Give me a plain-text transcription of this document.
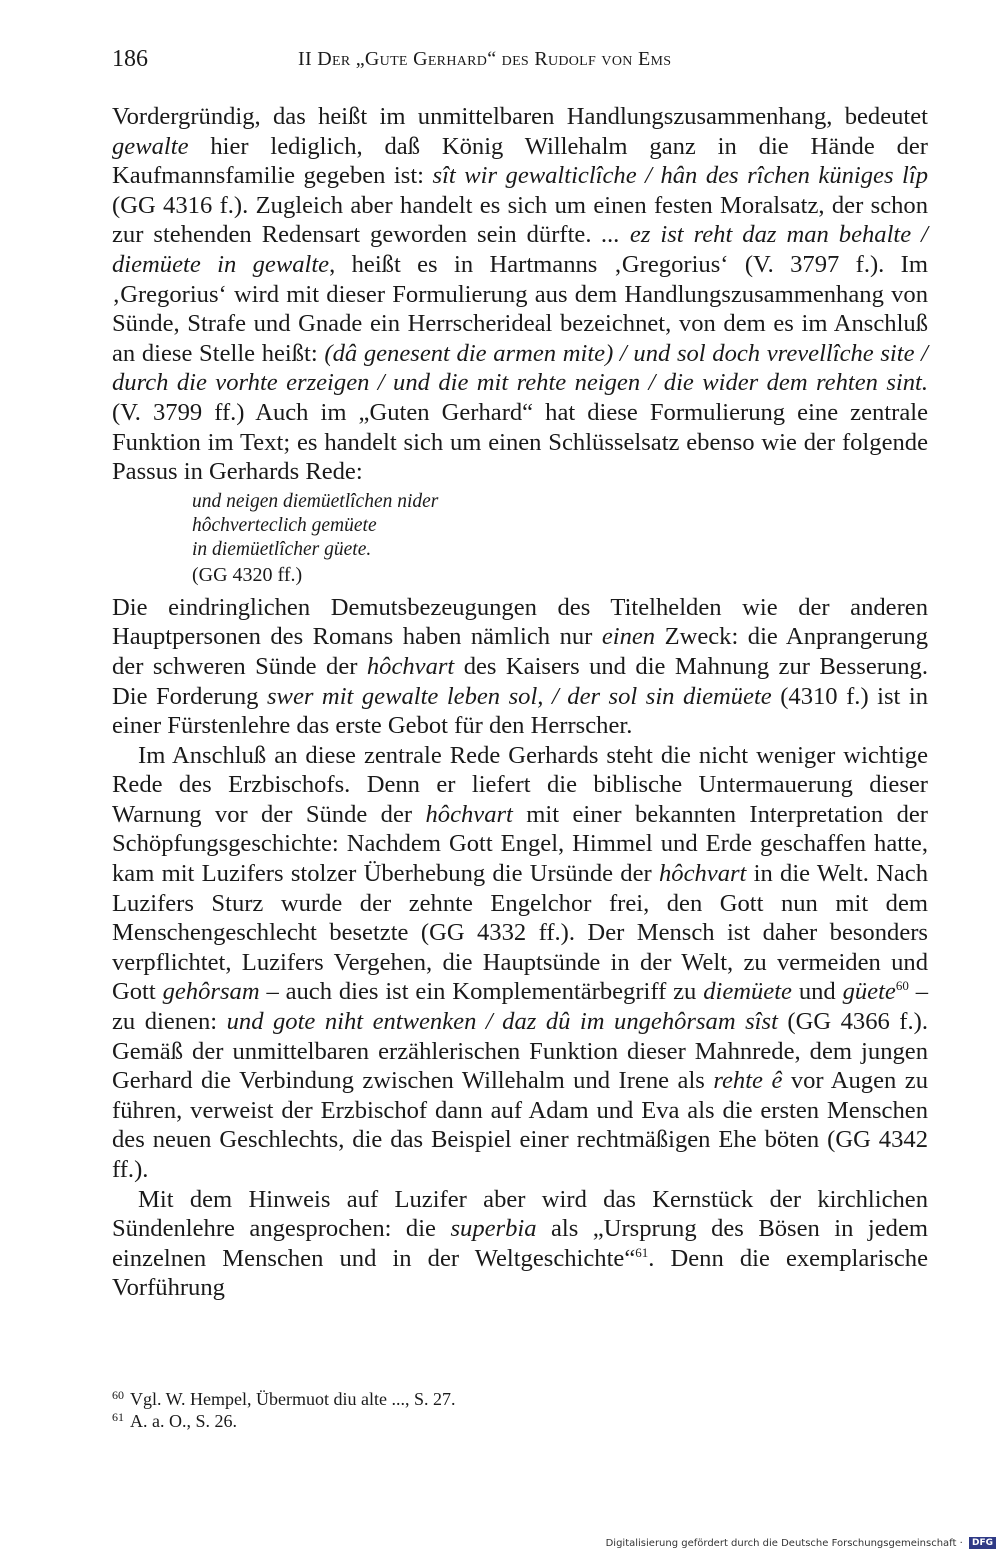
186	II Der „Gute Gerhard“ des Rudolf von Ems

Vordergründig, das heißt im unmittelbaren Handlungszusammenhang, bedeutet gewalte hier lediglich, daß König Willehalm ganz in die Hände der Kaufmannsfamilie gegeben ist: sît wir gewalticlîche / hân des rîchen küniges lîp (GG 4316 f.). Zugleich aber handelt es sich um einen festen Moralsatz, der schon zur stehenden Redensart geworden sein dürfte. ... ez ist reht daz man behalte / diemüete in gewalte, heißt es in Hartmanns ‚Gregorius‘ (V. 3797 f.). Im ‚Gregorius‘ wird mit dieser Formulierung aus dem Handlungszusammenhang von Sünde, Strafe und Gnade ein Herrscherideal bezeichnet, von dem es im Anschluß an diese Stelle heißt: (dâ genesent die armen mite) / und sol doch vrevellîche site / durch die vorhte erzeigen / und die mit rehte neigen / die wider dem rehten sint. (V. 3799 ff.) Auch im „Guten Gerhard“ hat diese Formulierung eine zentrale Funktion im Text; es handelt sich um einen Schlüsselsatz ebenso wie der folgende Passus in Gerhards Rede:

und neigen diemüetlîchen nider
hôchverteclich gemüete
in diemüetlîcher güete.
(GG 4320 ff.)

Die eindringlichen Demutsbezeugungen des Titelhelden wie der anderen Hauptpersonen des Romans haben nämlich nur einen Zweck: die Anprangerung der schweren Sünde der hôchvart des Kaisers und die Mahnung zur Besserung. Die Forderung swer mit gewalte leben sol, / der sol sin diemüete (4310 f.) ist in einer Fürstenlehre das erste Gebot für den Herrscher.

Im Anschluß an diese zentrale Rede Gerhards steht die nicht weniger wichtige Rede des Erzbischofs. Denn er liefert die biblische Untermauerung dieser Warnung vor der Sünde der hôchvart mit einer bekannten Interpretation der Schöpfungsgeschichte: Nachdem Gott Engel, Himmel und Erde geschaffen hatte, kam mit Luzifers stolzer Überhebung die Ursünde der hôchvart in die Welt. Nach Luzifers Sturz wurde der zehnte Engelchor frei, den Gott nun mit dem Menschengeschlecht besetzte (GG 4332 ff.). Der Mensch ist daher besonders verpflichtet, Luzifers Vergehen, die Hauptsünde in der Welt, zu vermeiden und Gott gehôrsam – auch dies ist ein Komplementärbegriff zu diemüete und güete$^{60}$ – zu dienen: und gote niht entwenken / daz dû im ungehôrsam sîst (GG 4366 f.). Gemäß der unmittelbaren erzählerischen Funktion dieser Mahnrede, dem jungen Gerhard die Verbindung zwischen Willehalm und Irene als rehte ê vor Augen zu führen, verweist der Erzbischof dann auf Adam und Eva als die ersten Menschen des neuen Geschlechts, die das Beispiel einer rechtmäßigen Ehe böten (GG 4342 ff.).

Mit dem Hinweis auf Luzifer aber wird das Kernstück der kirchlichen Sündenlehre angesprochen: die superbia als „Ursprung des Bösen in jedem einzelnen Menschen und in der Weltgeschichte“$^{61}$. Denn die exemplarische Vorführung

$^{60}$ Vgl. W. Hempel, Übermuot diu alte ..., S. 27.

$^{61}$ A. a. O., S. 26.

Digitalisierung gefördert durch die Deutsche Forschungsgemeinschaft · DFG
